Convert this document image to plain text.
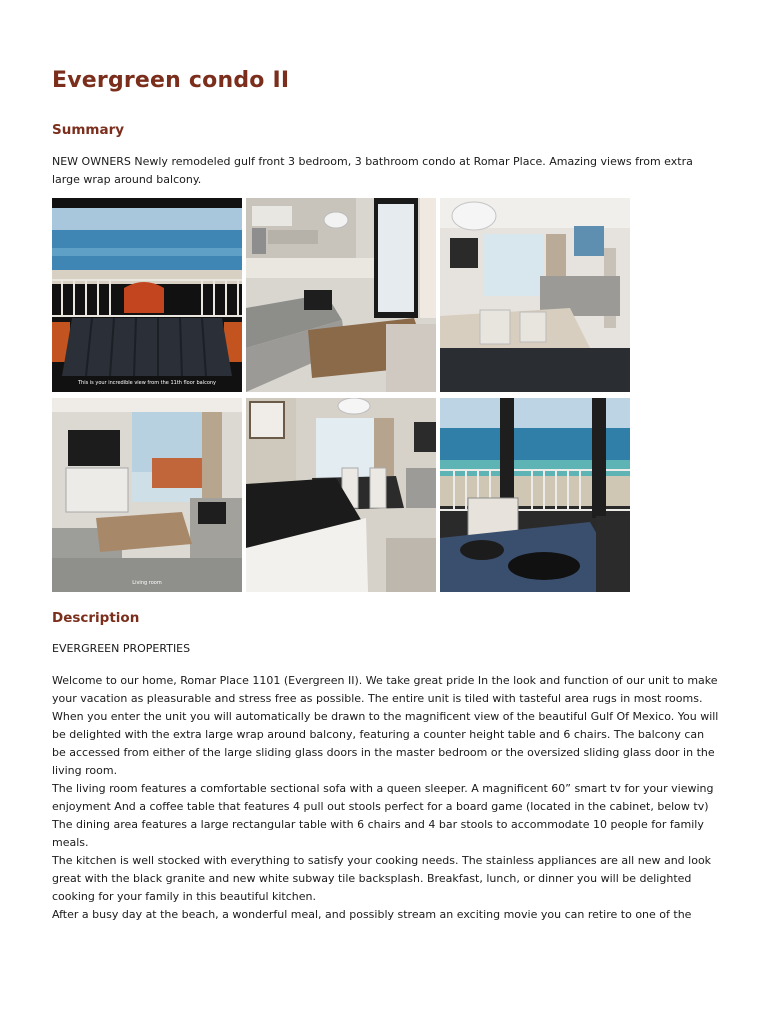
Evergreen condo II
Summary

NEW OWNERS Newly remodeled gulf front 3 bedroom, 3 bathroom condo at Romar Place. Amazing views from extra large wrap around balcony.

This is your incredible view from the 11th floor balcony
Living room
Description

EVERGREEN PROPERTIES

Welcome to our home, Romar Place 1101 (Evergreen II). We take great pride In the look and function of our unit to make your vacation as pleasurable and stress free as possible. The entire unit is tiled with tasteful area rugs in most rooms.

When you enter the unit you will automatically be drawn to the magnificent view of the beautiful Gulf Of Mexico. You will be delighted with the extra large wrap around balcony, featuring a counter height table and 6 chairs. The balcony can be accessed from either of the large sliding glass doors in the master bedroom or the oversized sliding glass door in the living room.

The living room features a comfortable sectional sofa with a queen sleeper. A magnificent 60” smart tv for your viewing enjoyment And a coffee table that features 4 pull out stools perfect for a board game (located in the cabinet, below tv)

The dining area features a large rectangular table with 6 chairs and 4 bar stools to accommodate 10 people for family meals.

The kitchen is well stocked with everything to satisfy your cooking needs. The stainless appliances are all new and look great with the black granite and new white subway tile backsplash. Breakfast, lunch, or dinner you will be delighted cooking for your family in this beautiful kitchen.

After a busy day at the beach, a wonderful meal, and possibly stream an exciting movie you can retire to one of the
